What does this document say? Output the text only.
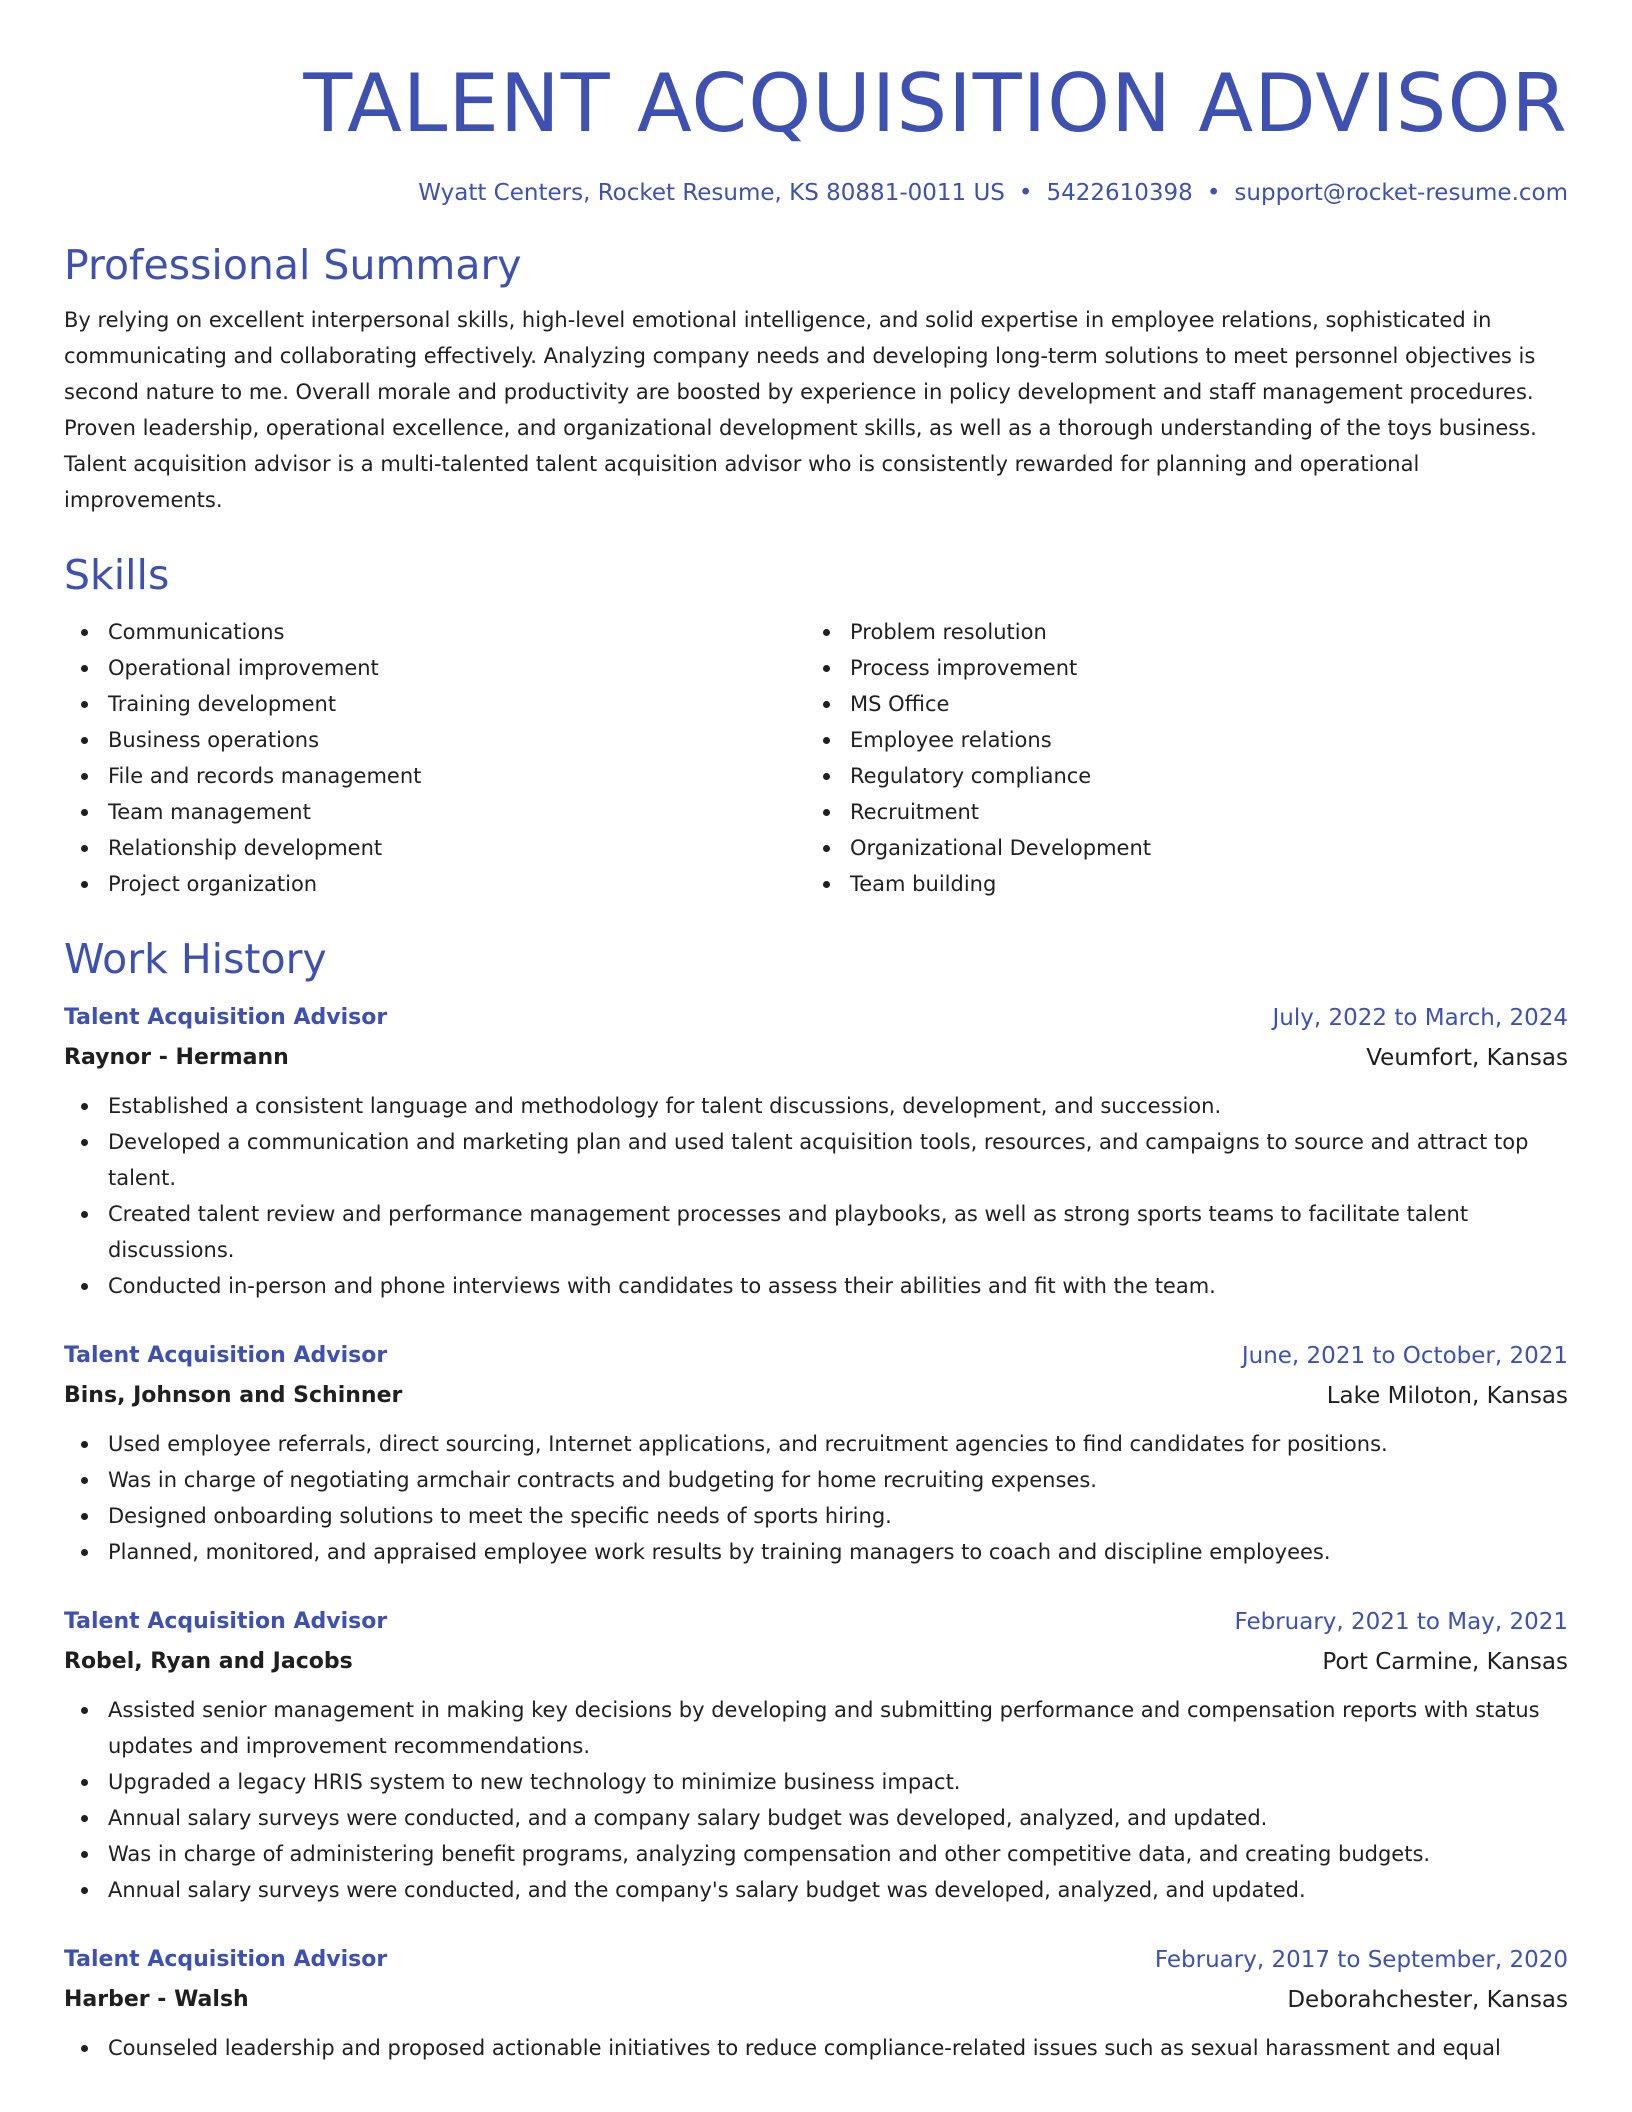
TALENT ACQUISITION ADVISOR
Wyatt Centers, Rocket Resume, KS 80881-0011 US • 5422610398 • support@rocket-resume.com
Professional Summary
By relying on excellent interpersonal skills, high-level emotional intelligence, and solid expertise in employee relations, sophisticated in communicating and collaborating effectively. Analyzing company needs and developing long-term solutions to meet personnel objectives is second nature to me. Overall morale and productivity are boosted by experience in policy development and staff management procedures. Proven leadership, operational excellence, and organizational development skills, as well as a thorough understanding of the toys business. Talent acquisition advisor is a multi-talented talent acquisition advisor who is consistently rewarded for planning and operational improvements.
Skills
Communications
Operational improvement
Training development
Business operations
File and records management
Team management
Relationship development
Project organization
Problem resolution
Process improvement
MS Office
Employee relations
Regulatory compliance
Recruitment
Organizational Development
Team building
Work History
Talent Acquisition Advisor	July, 2022 to March, 2024
Raynor - Hermann	Veumfort, Kansas
Established a consistent language and methodology for talent discussions, development, and succession.
Developed a communication and marketing plan and used talent acquisition tools, resources, and campaigns to source and attract top talent.
Created talent review and performance management processes and playbooks, as well as strong sports teams to facilitate talent discussions.
Conducted in-person and phone interviews with candidates to assess their abilities and fit with the team.
Talent Acquisition Advisor	June, 2021 to October, 2021
Bins, Johnson and Schinner	Lake Miloton, Kansas
Used employee referrals, direct sourcing, Internet applications, and recruitment agencies to find candidates for positions.
Was in charge of negotiating armchair contracts and budgeting for home recruiting expenses.
Designed onboarding solutions to meet the specific needs of sports hiring.
Planned, monitored, and appraised employee work results by training managers to coach and discipline employees.
Talent Acquisition Advisor	February, 2021 to May, 2021
Robel, Ryan and Jacobs	Port Carmine, Kansas
Assisted senior management in making key decisions by developing and submitting performance and compensation reports with status updates and improvement recommendations.
Upgraded a legacy HRIS system to new technology to minimize business impact.
Annual salary surveys were conducted, and a company salary budget was developed, analyzed, and updated.
Was in charge of administering benefit programs, analyzing compensation and other competitive data, and creating budgets.
Annual salary surveys were conducted, and the company's salary budget was developed, analyzed, and updated.
Talent Acquisition Advisor	February, 2017 to September, 2020
Harber - Walsh	Deborahchester, Kansas
Counseled leadership and proposed actionable initiatives to reduce compliance-related issues such as sexual harassment and equal
